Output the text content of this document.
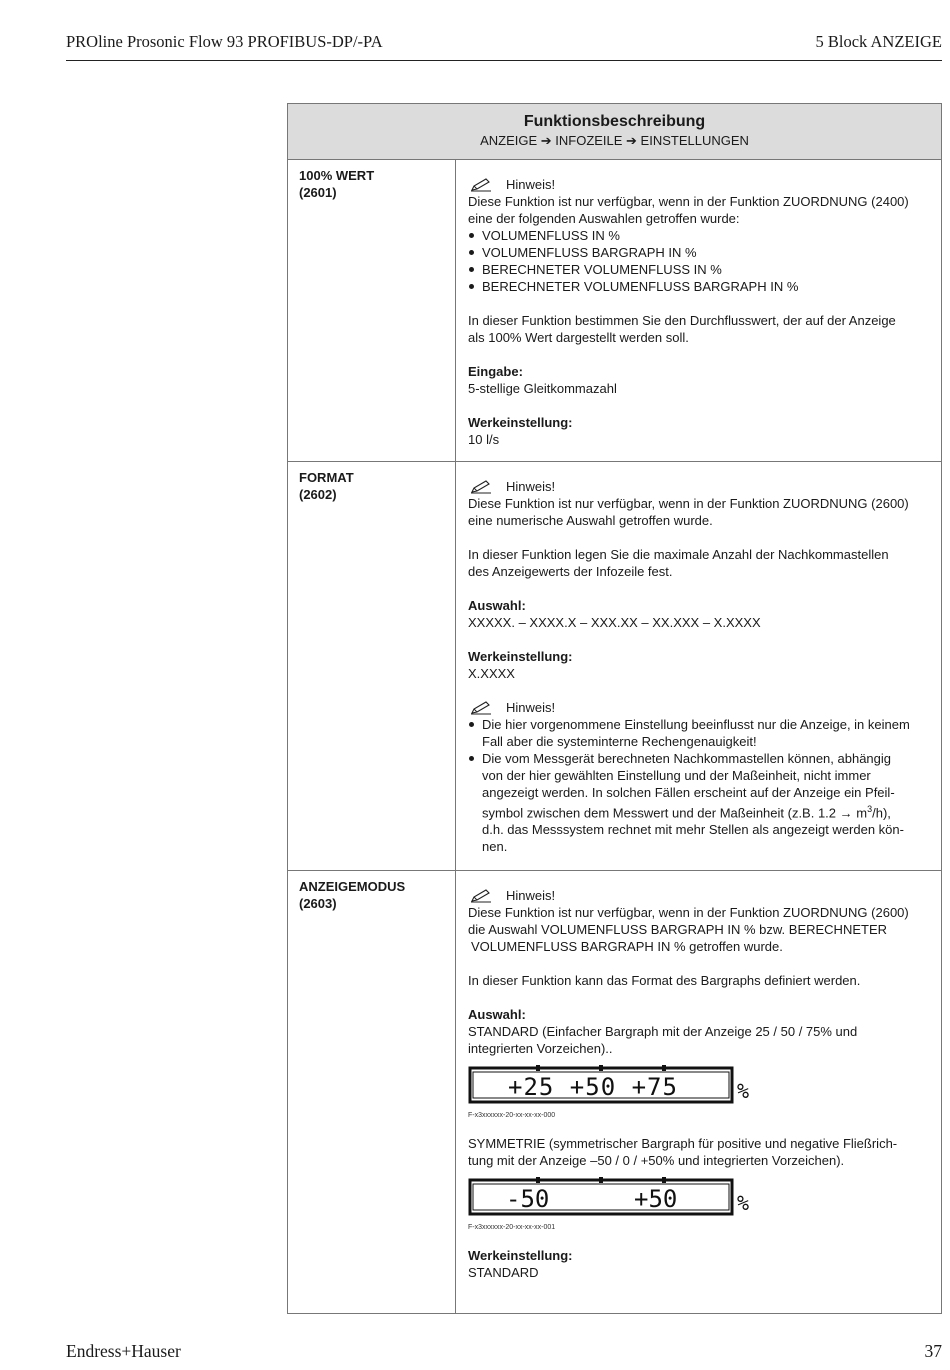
PROline Prosonic Flow 93 PROFIBUS-DP/-PA	5 Block ANZEIGE
Funktionsbeschreibung
ANZEIGE ➔ INFOZEILE ➔ EINSTELLUNGEN
100% WERT
(2601)
Hinweis!

Diese Funktion ist nur verfügbar, wenn in der Funktion ZUORDNUNG (2400)

eine der folgenden Auswahlen getroffen wurde:

VOLUMENFLUSS IN %
VOLUMENFLUSS BARGRAPH IN %
BERECHNETER VOLUMENFLUSS IN %
BERECHNETER VOLUMENFLUSS BARGRAPH IN %

In dieser Funktion bestimmen Sie den Durchflusswert, der auf der Anzeige

als 100% Wert dargestellt werden soll.

Eingabe:

5-stellige Gleitkommazahl

Werkeinstellung:

10 l/s

FORMAT
(2602)
Hinweis!

Diese Funktion ist nur verfügbar, wenn in der Funktion ZUORDNUNG (2600)

eine numerische Auswahl getroffen wurde.

In dieser Funktion legen Sie die maximale Anzahl der Nachkommastellen

des Anzeigewerts der Infozeile fest.

Auswahl:

XXXXX. – XXXX.X – XXX.XX – XX.XXX – X.XXXX

Werkeinstellung:

X.XXXX

Hinweis!
Die hier vorgenommene Einstellung beeinflusst nur die Anzeige, in keinem
Fall aber die systeminterne Rechengenauigkeit!
Die vom Messgerät berechneten Nachkommastellen können, abhängig
von der hier gewählten Einstellung und der Maßeinheit, nicht immer
angezeigt werden. In solchen Fällen erscheint auf der Anzeige ein Pfeil-
symbol zwischen dem Messwert und der Maßeinheit (z.B. $1.2 \to m^3/h$),
d.h. das Messsystem rechnet mit mehr Stellen als angezeigt werden kön-
nen.
ANZEIGEMODUS
(2603)
Hinweis!

Diese Funktion ist nur verfügbar, wenn in der Funktion ZUORDNUNG (2600)

die Auswahl VOLUMENFLUSS BARGRAPH IN % bzw. BERECHNETER

VOLUMENFLUSS BARGRAPH IN % getroffen wurde.

In dieser Funktion kann das Format des Bargraphs definiert werden.

Auswahl:

STANDARD (Einfacher Bargraph mit der Anzeige 25 / 50 / 75% und

integrierten Vorzeichen)..

+25 +50 +75	%
F-x3xxxxxx-20-xx-xx-xx-000

SYMMETRIE (symmetrischer Bargraph für positive und negative Fließrich-

tung mit der Anzeige –50 / 0 / +50% und integrierten Vorzeichen).

-50	+50	%
F-x3xxxxxx-20-xx-xx-xx-001

Werkeinstellung:

STANDARD

Endress+Hauser	37
